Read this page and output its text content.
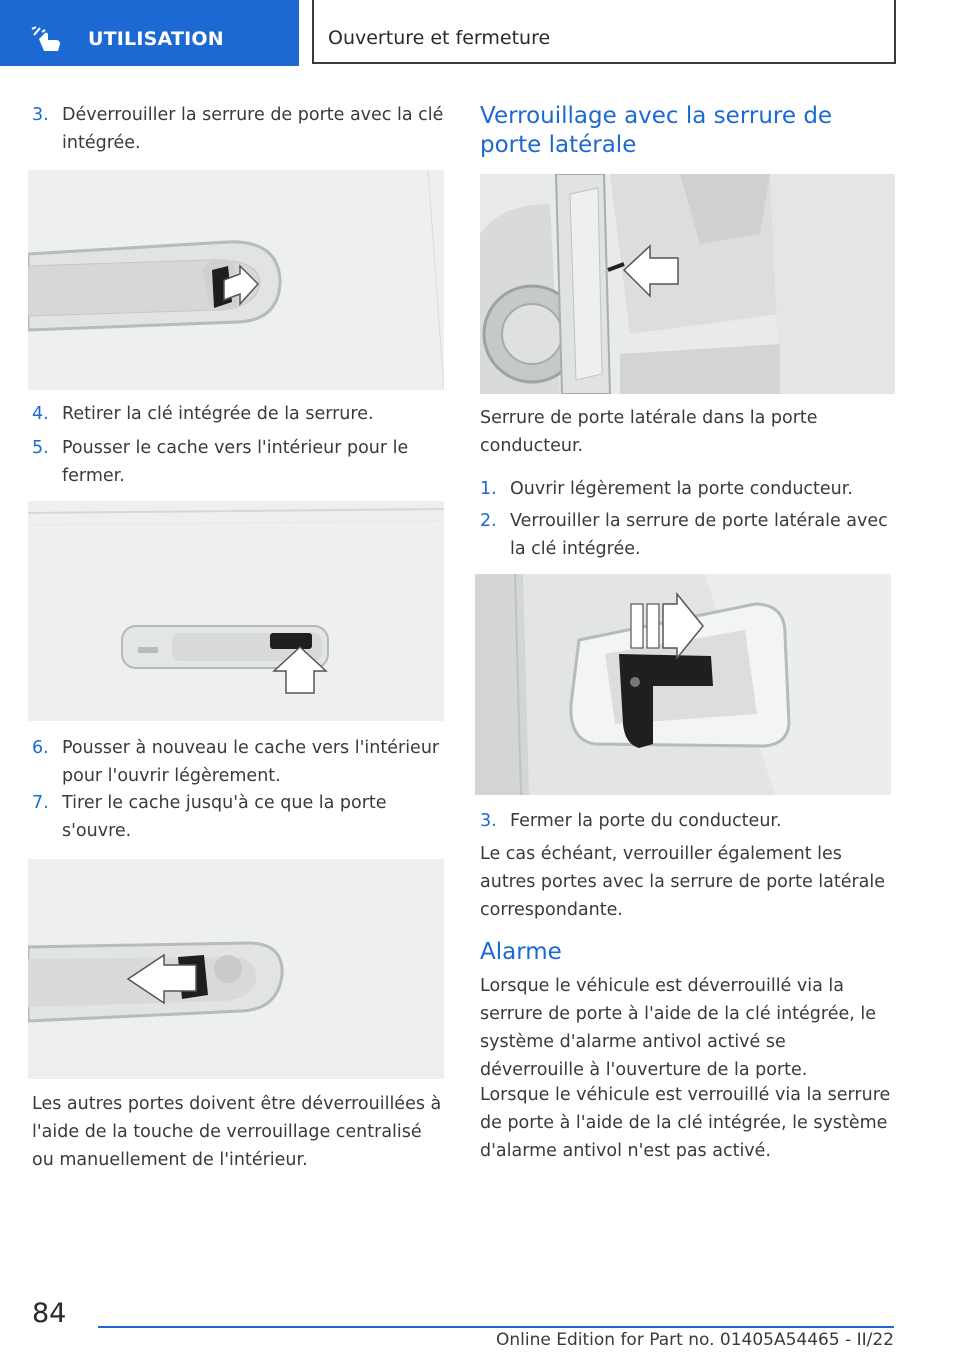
UTILISATION	Ouverture et fermeture
3. Déverrouiller la serrure de porte avec la clé intégrée.
4. Retirer la clé intégrée de la serrure.
5. Pousser le cache vers l'intérieur pour le fermer.
6. Pousser à nouveau le cache vers l'intérieur pour l'ouvrir légèrement.
7. Tirer le cache jusqu'à ce que la porte s'ouvre.
Les autres portes doivent être déverrouillées à l'aide de la touche de verrouillage centralisé ou manuellement de l'intérieur.
Verrouillage avec la serrure de porte latérale
Serrure de porte latérale dans la porte conducteur.
1. Ouvrir légèrement la porte conducteur.
2. Verrouiller la serrure de porte latérale avec la clé intégrée.
3. Fermer la porte du conducteur.
Le cas échéant, verrouiller également les autres portes avec la serrure de porte latérale correspondante.
Alarme
Lorsque le véhicule est déverrouillé via la serrure de porte à l'aide de la clé intégrée, le système d'alarme antivol activé se déverrouille à l'ouverture de la porte.
Lorsque le véhicule est verrouillé via la serrure de porte à l'aide de la clé intégrée, le système d'alarme antivol n'est pas activé.
84
Online Edition for Part no. 01405A54465 - II/22
